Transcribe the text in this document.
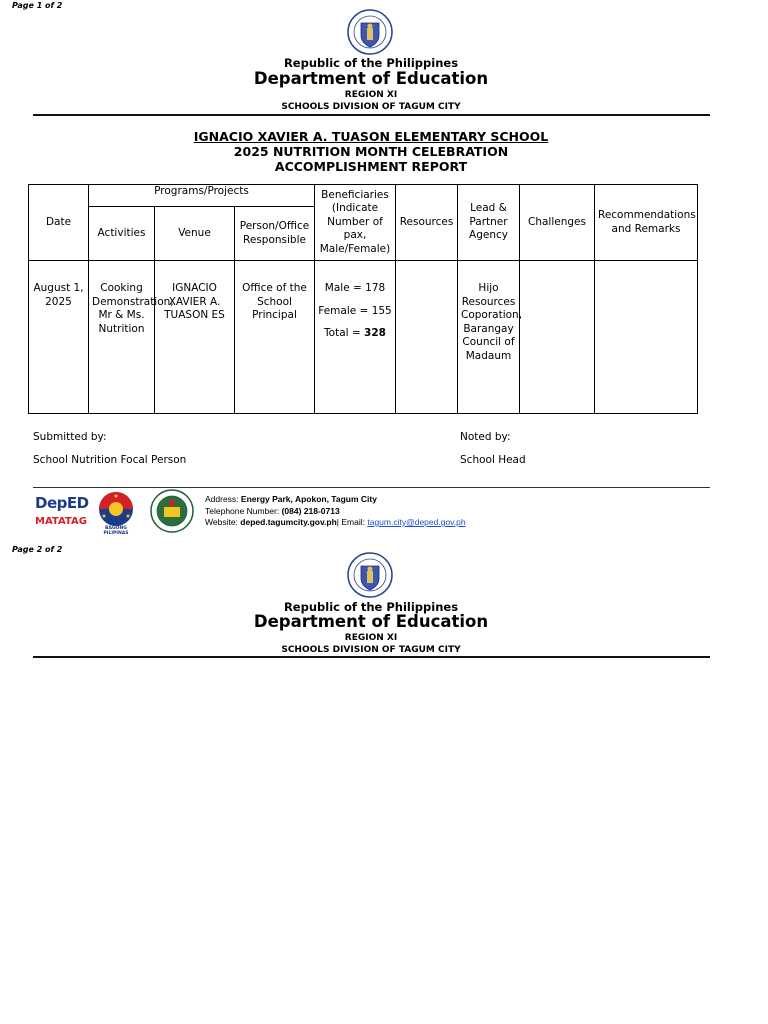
Page 1 of 2
Republic of the Philippines
Department of Education
REGION XI
SCHOOLS DIVISION OF TAGUM CITY
IGNACIO XAVIER A. TUASON ELEMENTARY SCHOOL
2025 NUTRITION MONTH CELEBRATION
ACCOMPLISHMENT REPORT
Date	Programs/Projects			Beneficiaries (Indicate Number of pax, Male/Female)	Resources	Lead & Partner Agency	Challenges	Recommendations and Remarks
	Activities	Venue	Person/Office Responsible					
August 1, 2025	Cooking Demonstration, Mr & Ms. Nutrition	IGNACIO XAVIER A. TUASON ES	Office of the School Principal	Male = 178
Female = 155
Total = 328		Hijo Resources Coporation, Barangay Council of Madaum		
Submitted by:
School Nutrition Focal Person
Noted by:
School Head
DepED
MATATAG
BAGONG PILIPINAS
Address: Energy Park, Apokon, Tagum City
Telephone Number: (084) 218-0713
Website: deped.tagumcity.gov.ph| Email: tagum.city@deped.gov.ph
Page 2 of 2
Republic of the Philippines
Department of Education
REGION XI
SCHOOLS DIVISION OF TAGUM CITY
